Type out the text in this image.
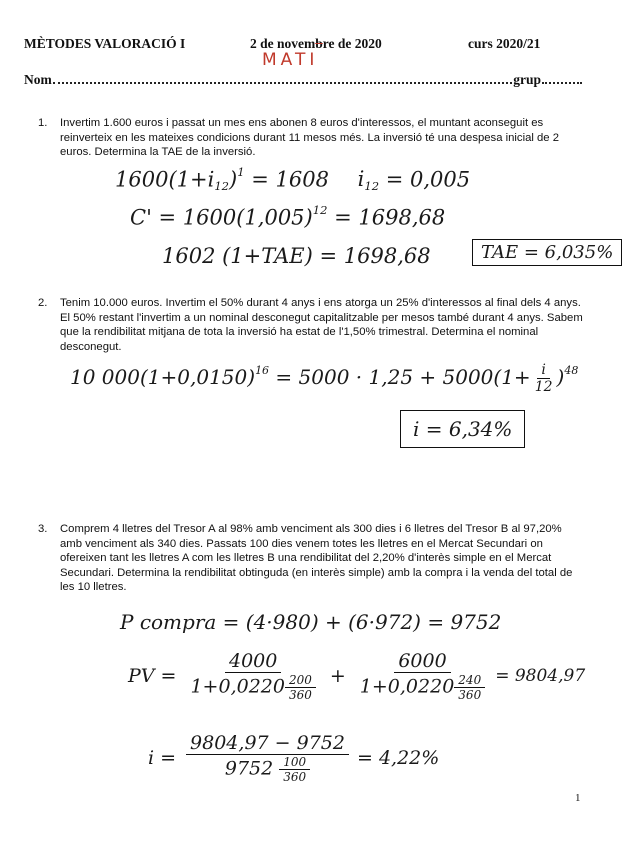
MÈTODES VALORACIÓ I	2 de novembre de 2020	curs 2020/21
MATI
Nom	grup
1. Invertim 1.600 euros i passat un mes ens abonen 8 euros d'interessos, el muntant aconseguit es reinverteix en les mateixes condicions durant 11 mesos més. La inversió té una despesa inicial de 2 euros. Determina la TAE de la inversió.
$1600(1+i_{12})^1 = 1608$ $i_{12} = 0,005$
$C' = 1600(1,005)^{12} = 1698,68$
1602 (1+TAE) = 1698,68	TAE = 6,035%
2. Tenim 10.000 euros. Invertim el 50% durant 4 anys i ens atorga un 25% d'interessos al final dels 4 anys. El 50% restant l'invertim a un nominal desconegut capitalitzable per mesos també durant 4 anys. Sabem que la rendibilitat mitjana de tota la inversió ha estat de l'1,50% trimestral. Determina el nominal desconegut.
10 $000(1+0,0150)^{16} = 5000 \cdot 1,25 + 5000(1+ \frac{i}{12} )^{48}$
i = 6,34%
3. Comprem 4 lletres del Tresor A al 98% amb venciment als 300 dies i 6 lletres del Tresor B al 97,20% amb venciment als 340 dies. Passats 100 dies venem totes les lletres en el Mercat Secundari on ofereixen tant les lletres A com les lletres B una rendibilitat del 2,20% d'interès simple en el Mercat Secundari. Determina la rendibilitat obtinguda (en interès simple) amb la compra i la venda del total de les 10 lletres.
P compra = (4·980) + (6·972) = 9752
PV = $\frac{4000}{1+0,0220 \frac{200}{360}} + \frac{6000}{1+0,0220 \frac{240}{360}} = 9804,97$
$i = \frac{9804,97 - 9752}{9752 \frac{100}{360}} = 4,22\%$
1
